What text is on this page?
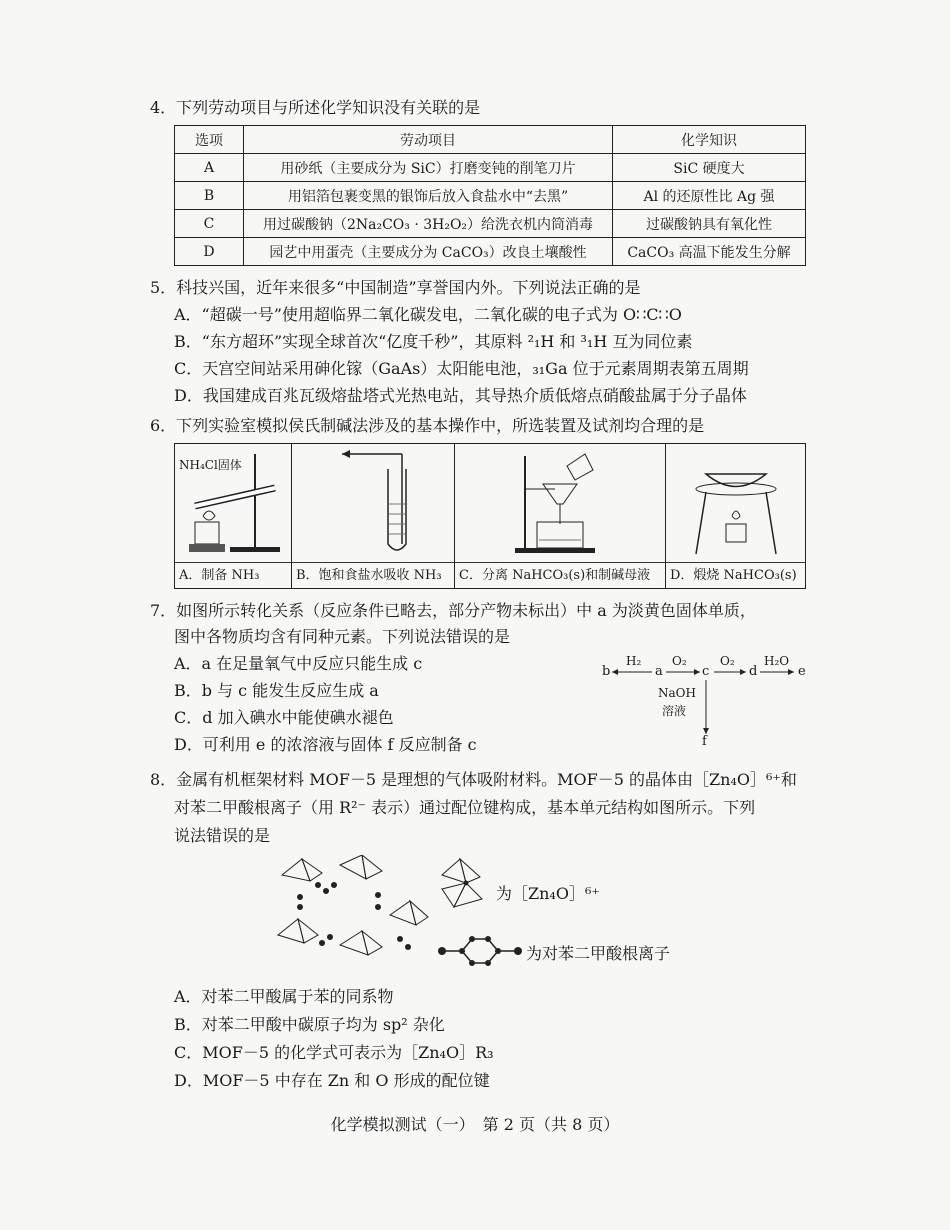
4．下列劳动项目与所述化学知识没有关联的是
选项	劳动项目	化学知识
A	用砂纸（主要成分为 SiC）打磨变钝的削笔刀片	SiC 硬度大
B	用铝箔包裹变黑的银饰后放入食盐水中“去黑”	Al 的还原性比 Ag 强
C	用过碳酸钠（2Na₂CO₃ · 3H₂O₂）给洗衣机内筒消毒	过碳酸钠具有氧化性
D	园艺中用蛋壳（主要成分为 CaCO₃）改良土壤酸性	CaCO₃ 高温下能发生分解
5．科技兴国，近年来很多“中国制造”享誉国内外。下列说法正确的是
A．“超碳一号”使用超临界二氧化碳发电，二氧化碳的电子式为 O∷C∷O
B．“东方超环”实现全球首次“亿度千秒”，其原料 ²₁H 和 ³₁H 互为同位素
C．天宫空间站采用砷化镓（GaAs）太阳能电池，₃₁Ga 位于元素周期表第五周期
D．我国建成百兆瓦级熔盐塔式光热电站，其导热介质低熔点硝酸盐属于分子晶体
6．下列实验室模拟侯氏制碱法涉及的基本操作中，所选装置及试剂均合理的是
NH₄Cl固体
A．制备 NH₃	B．饱和食盐水吸收 NH₃	C．分离 NaHCO₃(s)和制碱母液	D．煅烧 NaHCO₃(s)
7．如图所示转化关系（反应条件已略去，部分产物未标出）中 a 为淡黄色固体单质，
图中各物质均含有同种元素。下列说法错误的是
A．a 在足量氧气中反应只能生成 c
B．b 与 c 能发生反应生成 a
C．d 加入碘水中能使碘水褪色
D．可利用 e 的浓溶液与固体 f 反应制备 c
b
H₂
a
O₂
c
O₂
d
H₂O
e
NaOH
溶液
f
8．金属有机框架材料 MOF－5 是理想的气体吸附材料。MOF－5 的晶体由［Zn₄O］⁶⁺和
对苯二甲酸根离子（用 R²⁻ 表示）通过配位键构成，基本单元结构如图所示。下列
说法错误的是
为［Zn₄O］⁶⁺
为对苯二甲酸根离子
A．对苯二甲酸属于苯的同系物
B．对苯二甲酸中碳原子均为 sp² 杂化
C．MOF－5 的化学式可表示为［Zn₄O］R₃
D．MOF－5 中存在 Zn 和 O 形成的配位键
化学模拟测试（一）　第 2 页（共 8 页）
